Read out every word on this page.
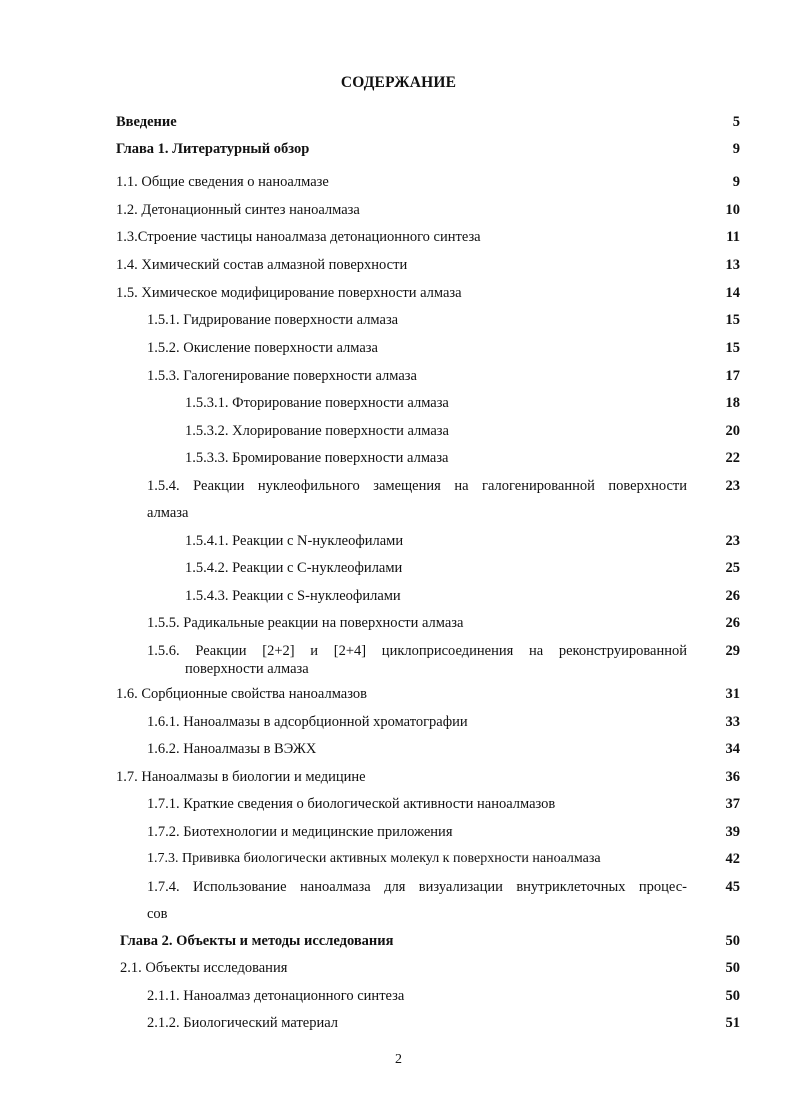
СОДЕРЖАНИЕ
Введение	5
Глава 1. Литературный обзор	9
1.1. Общие сведения о наноалмазе	9
1.2. Детонационный синтез наноалмаза	10
1.3.Строение частицы наноалмаза детонационного синтеза	11
1.4. Химический состав алмазной поверхности	13
1.5. Химическое модифицирование поверхности алмаза	14
1.5.1. Гидрирование поверхности алмаза	15
1.5.2. Окисление поверхности алмаза	15
1.5.3. Галогенирование поверхности алмаза	17
1.5.3.1. Фторирование поверхности алмаза	18
1.5.3.2. Хлорирование поверхности алмаза	20
1.5.3.3. Бромирование поверхности алмаза	22
1.5.4. Реакции нуклеофильного замещения на галогенированной поверхности	23
алмаза
1.5.4.1. Реакции с N-нуклеофилами	23
1.5.4.2. Реакции с С-нуклеофилами	25
1.5.4.3. Реакции с S-нуклеофилами	26
1.5.5. Радикальные реакции на поверхности алмаза	26
1.5.6. Реакции [2+2] и [2+4] циклоприсоединения на реконструированной	29
поверхности алмаза
1.6. Сорбционные свойства наноалмазов	31
1.6.1. Наноалмазы в адсорбционной хроматографии	33
1.6.2. Наноалмазы в ВЭЖХ	34
1.7. Наноалмазы в биологии и медицине	36
1.7.1. Краткие сведения о биологической активности наноалмазов	37
1.7.2. Биотехнологии и медицинские приложения	39
1.7.3. Прививка биологически активных молекул к поверхности наноалмаза	42
1.7.4. Использование наноалмаза для визуализации внутриклеточных процес-	45
сов
Глава 2. Объекты и методы исследования	50
2.1. Объекты исследования	50
2.1.1. Наноалмаз детонационного синтеза	50
2.1.2. Биологический материал	51
2
